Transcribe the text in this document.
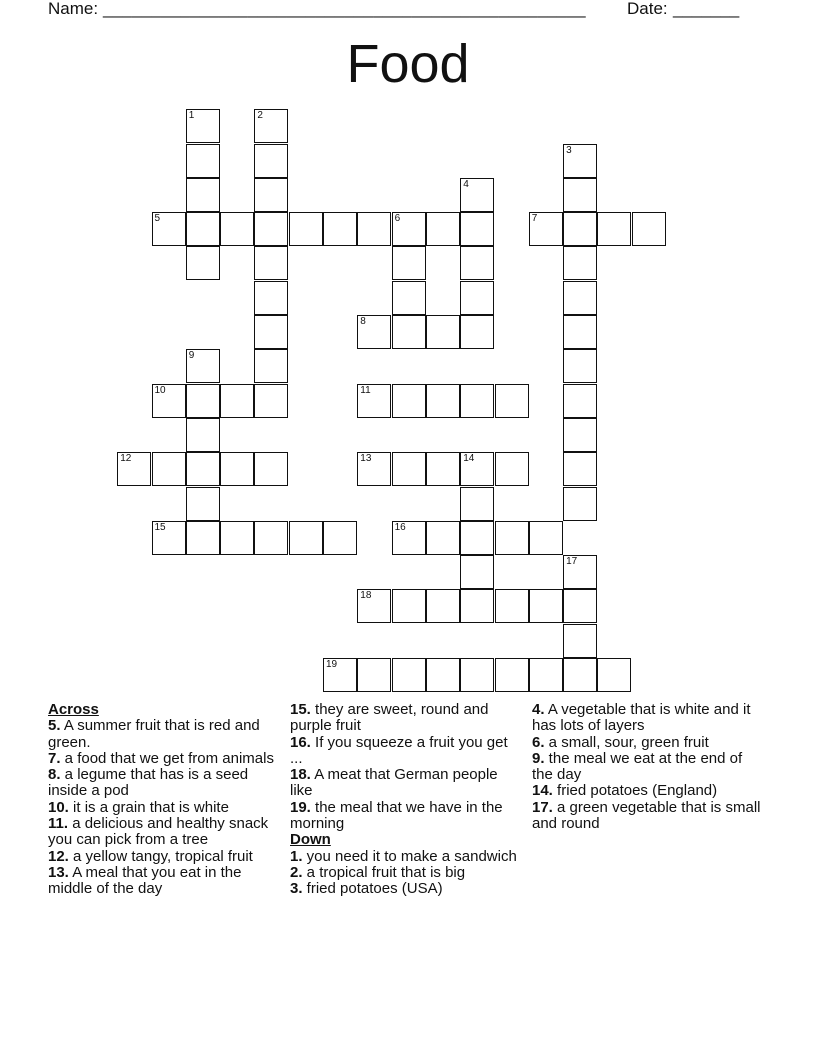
Name:

__________________________________________________

Date:

_______

Food
1	2
3
4
5	6	7
8
9
10	11
12	13	14
15	16
17
18
19
Across
5. A summer fruit that is red and green.
7. a food that we get from animals
8. a legume that has is a seed inside a pod
10. it is a grain that is white
11. a delicious and healthy snack you can pick from a tree
12. a yellow tangy, tropical fruit
13. A meal that you eat in the middle of the day
15. they are sweet, round and purple fruit
16. If you squeeze a fruit you get ...
18. A meat that German people like
19. the meal that we have in the morning
Down
1. you need it to make a sandwich
2. a tropical fruit that is big
3. fried potatoes (USA)
4. A vegetable that is white and it has lots of layers
6. a small, sour, green fruit
9. the meal we eat at the end of the day
14. fried potatoes (England)
17. a green vegetable that is small and round
